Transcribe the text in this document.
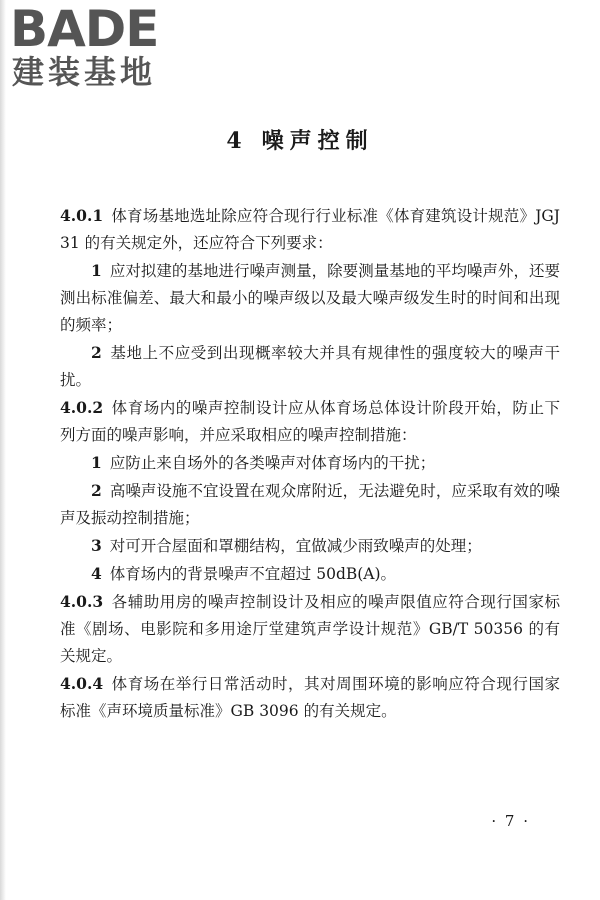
BADE
建装基地
4 噪声控制

4.0.1 体育场基地选址除应符合现行行业标准《体育建筑设计规范》JGJ 31 的有关规定外，还应符合下列要求：

1 应对拟建的基地进行噪声测量，除要测量基地的平均噪声外，还要测出标准偏差、最大和最小的噪声级以及最大噪声级发生时的时间和出现的频率；

2 基地上不应受到出现概率较大并具有规律性的强度较大的噪声干扰。

4.0.2 体育场内的噪声控制设计应从体育场总体设计阶段开始，防止下列方面的噪声影响，并应采取相应的噪声控制措施：

1 应防止来自场外的各类噪声对体育场内的干扰；

2 高噪声设施不宜设置在观众席附近，无法避免时，应采取有效的噪声及振动控制措施；

3 对可开合屋面和罩棚结构，宜做减少雨致噪声的处理；

4 体育场内的背景噪声不宜超过 50dB(A)。

4.0.3 各辅助用房的噪声控制设计及相应的噪声限值应符合现行国家标准《剧场、电影院和多用途厅堂建筑声学设计规范》GB/T 50356 的有关规定。

4.0.4 体育场在举行日常活动时，其对周围环境的影响应符合现行国家标准《声环境质量标准》GB 3096 的有关规定。

· 7 ·
